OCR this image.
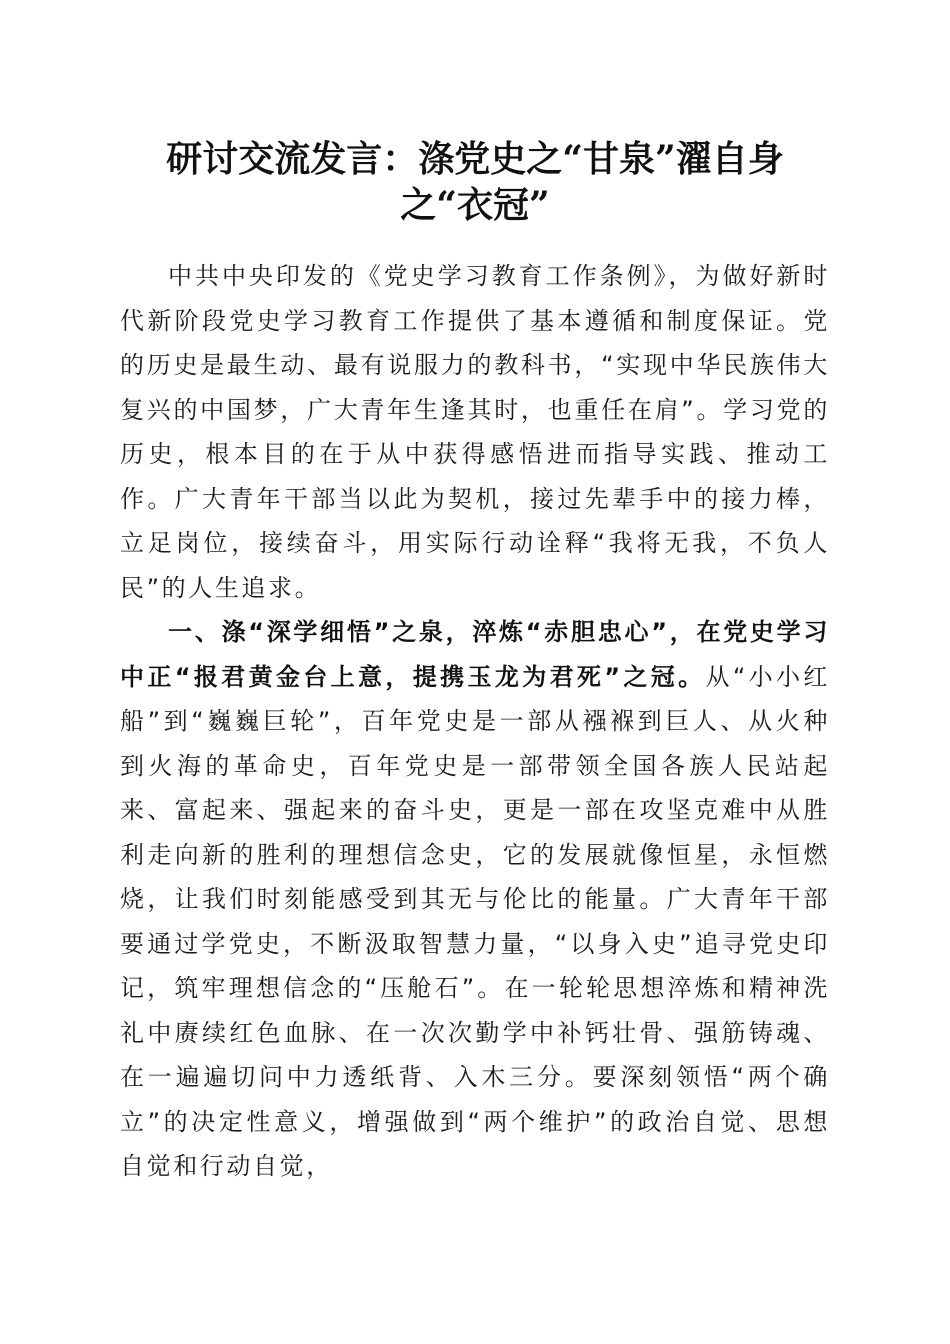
研讨交流发言：涤党史之“甘泉”濯自身
之“衣冠”

中共中央印发的《党史学习教育工作条例》，为做好新时代新阶段党史学习教育工作提供了基本遵循和制度保证。党的历史是最生动、最有说服力的教科书，“实现中华民族伟大复兴的中国梦，广大青年生逢其时，也重任在肩”。学习党的历史，根本目的在于从中获得感悟进而指导实践、推动工作。广大青年干部当以此为契机，接过先辈手中的接力棒，立足岗位，接续奋斗，用实际行动诠释“我将无我，不负人民”的人生追求。

一、涤“深学细悟”之泉，淬炼“赤胆忠心”，在党史学习中正“报君黄金台上意，提携玉龙为君死”之冠。从“小小红船”到“巍巍巨轮”，百年党史是一部从襁褓到巨人、从火种到火海的革命史，百年党史是一部带领全国各族人民站起来、富起来、强起来的奋斗史，更是一部在攻坚克难中从胜利走向新的胜利的理想信念史，它的发展就像恒星，永恒燃烧，让我们时刻能感受到其无与伦比的能量。广大青年干部要通过学党史，不断汲取智慧力量，“以身入史”追寻党史印记，筑牢理想信念的“压舱石”。在一轮轮思想淬炼和精神洗礼中赓续红色血脉、在一次次勤学中补钙壮骨、强筋铸魂、在一遍遍切问中力透纸背、入木三分。要深刻领悟“两个确立”的决定性意义，增强做到“两个维护”的政治自觉、思想自觉和行动自觉，
